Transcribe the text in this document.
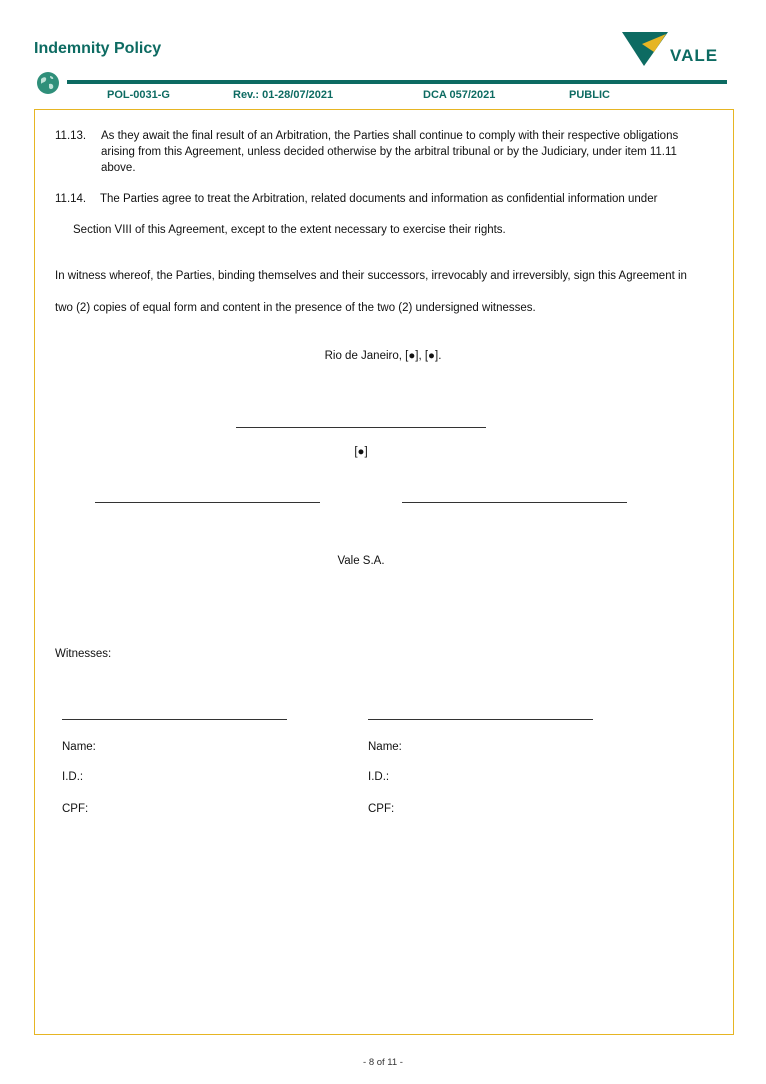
Indemnity Policy	VALE
POL-0031-G	Rev.: 01-28/07/2021	DCA 057/2021	PUBLIC
11.13. As they await the final result of an Arbitration, the Parties shall continue to comply with their respective obligations arising from this Agreement, unless decided otherwise by the arbitral tribunal or by the Judiciary, under item 11.11 above.
11.14. The Parties agree to treat the Arbitration, related documents and information as confidential information under
Section VIII of this Agreement, except to the extent necessary to exercise their rights.
In witness whereof, the Parties, binding themselves and their successors, irrevocably and irreversibly, sign this Agreement in
two (2) copies of equal form and content in the presence of the two (2) undersigned witnesses.
Rio de Janeiro, [●], [●].
[●]
Vale S.A.
Witnesses:
Name:
I.D.:
CPF:
Name:
I.D.:
CPF:
- 8 of 11 -
